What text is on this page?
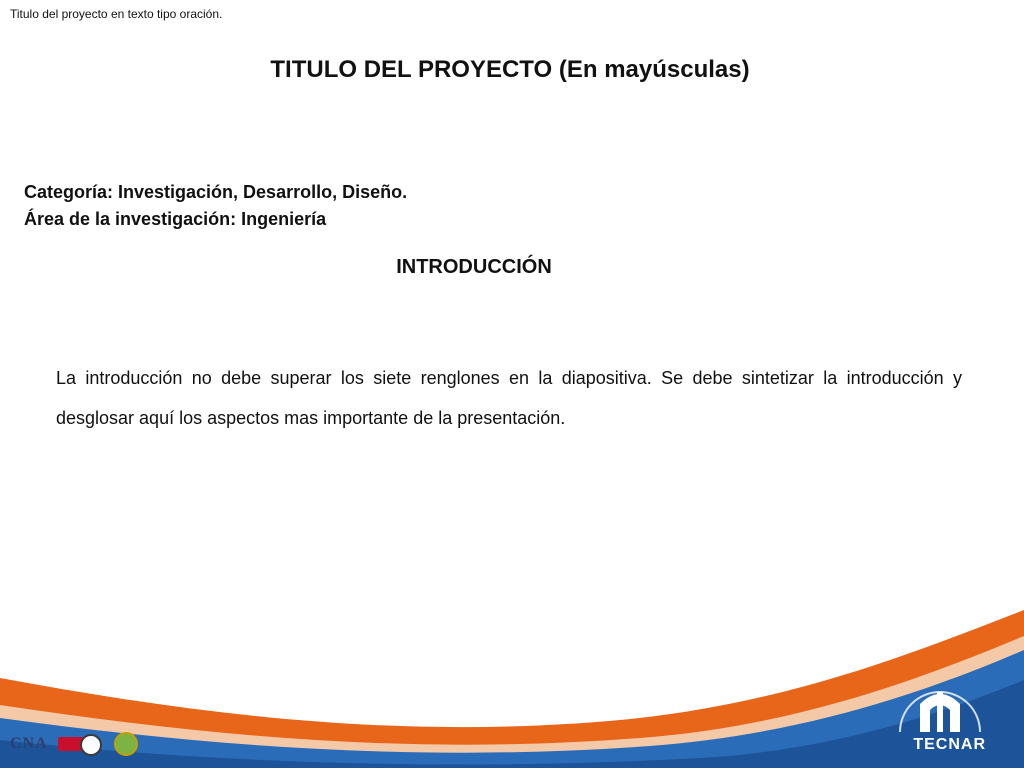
Titulo del proyecto en texto tipo oración.
TITULO DEL PROYECTO (En mayúsculas)
Categoría: Investigación, Desarrollo, Diseño.
Área de la investigación: Ingeniería
INTRODUCCIÓN
La introducción no debe superar los siete renglones en la diapositiva. Se debe sintetizar la introducción y desglosar aquí los aspectos mas importante de la presentación.
CNA	TECNAR
